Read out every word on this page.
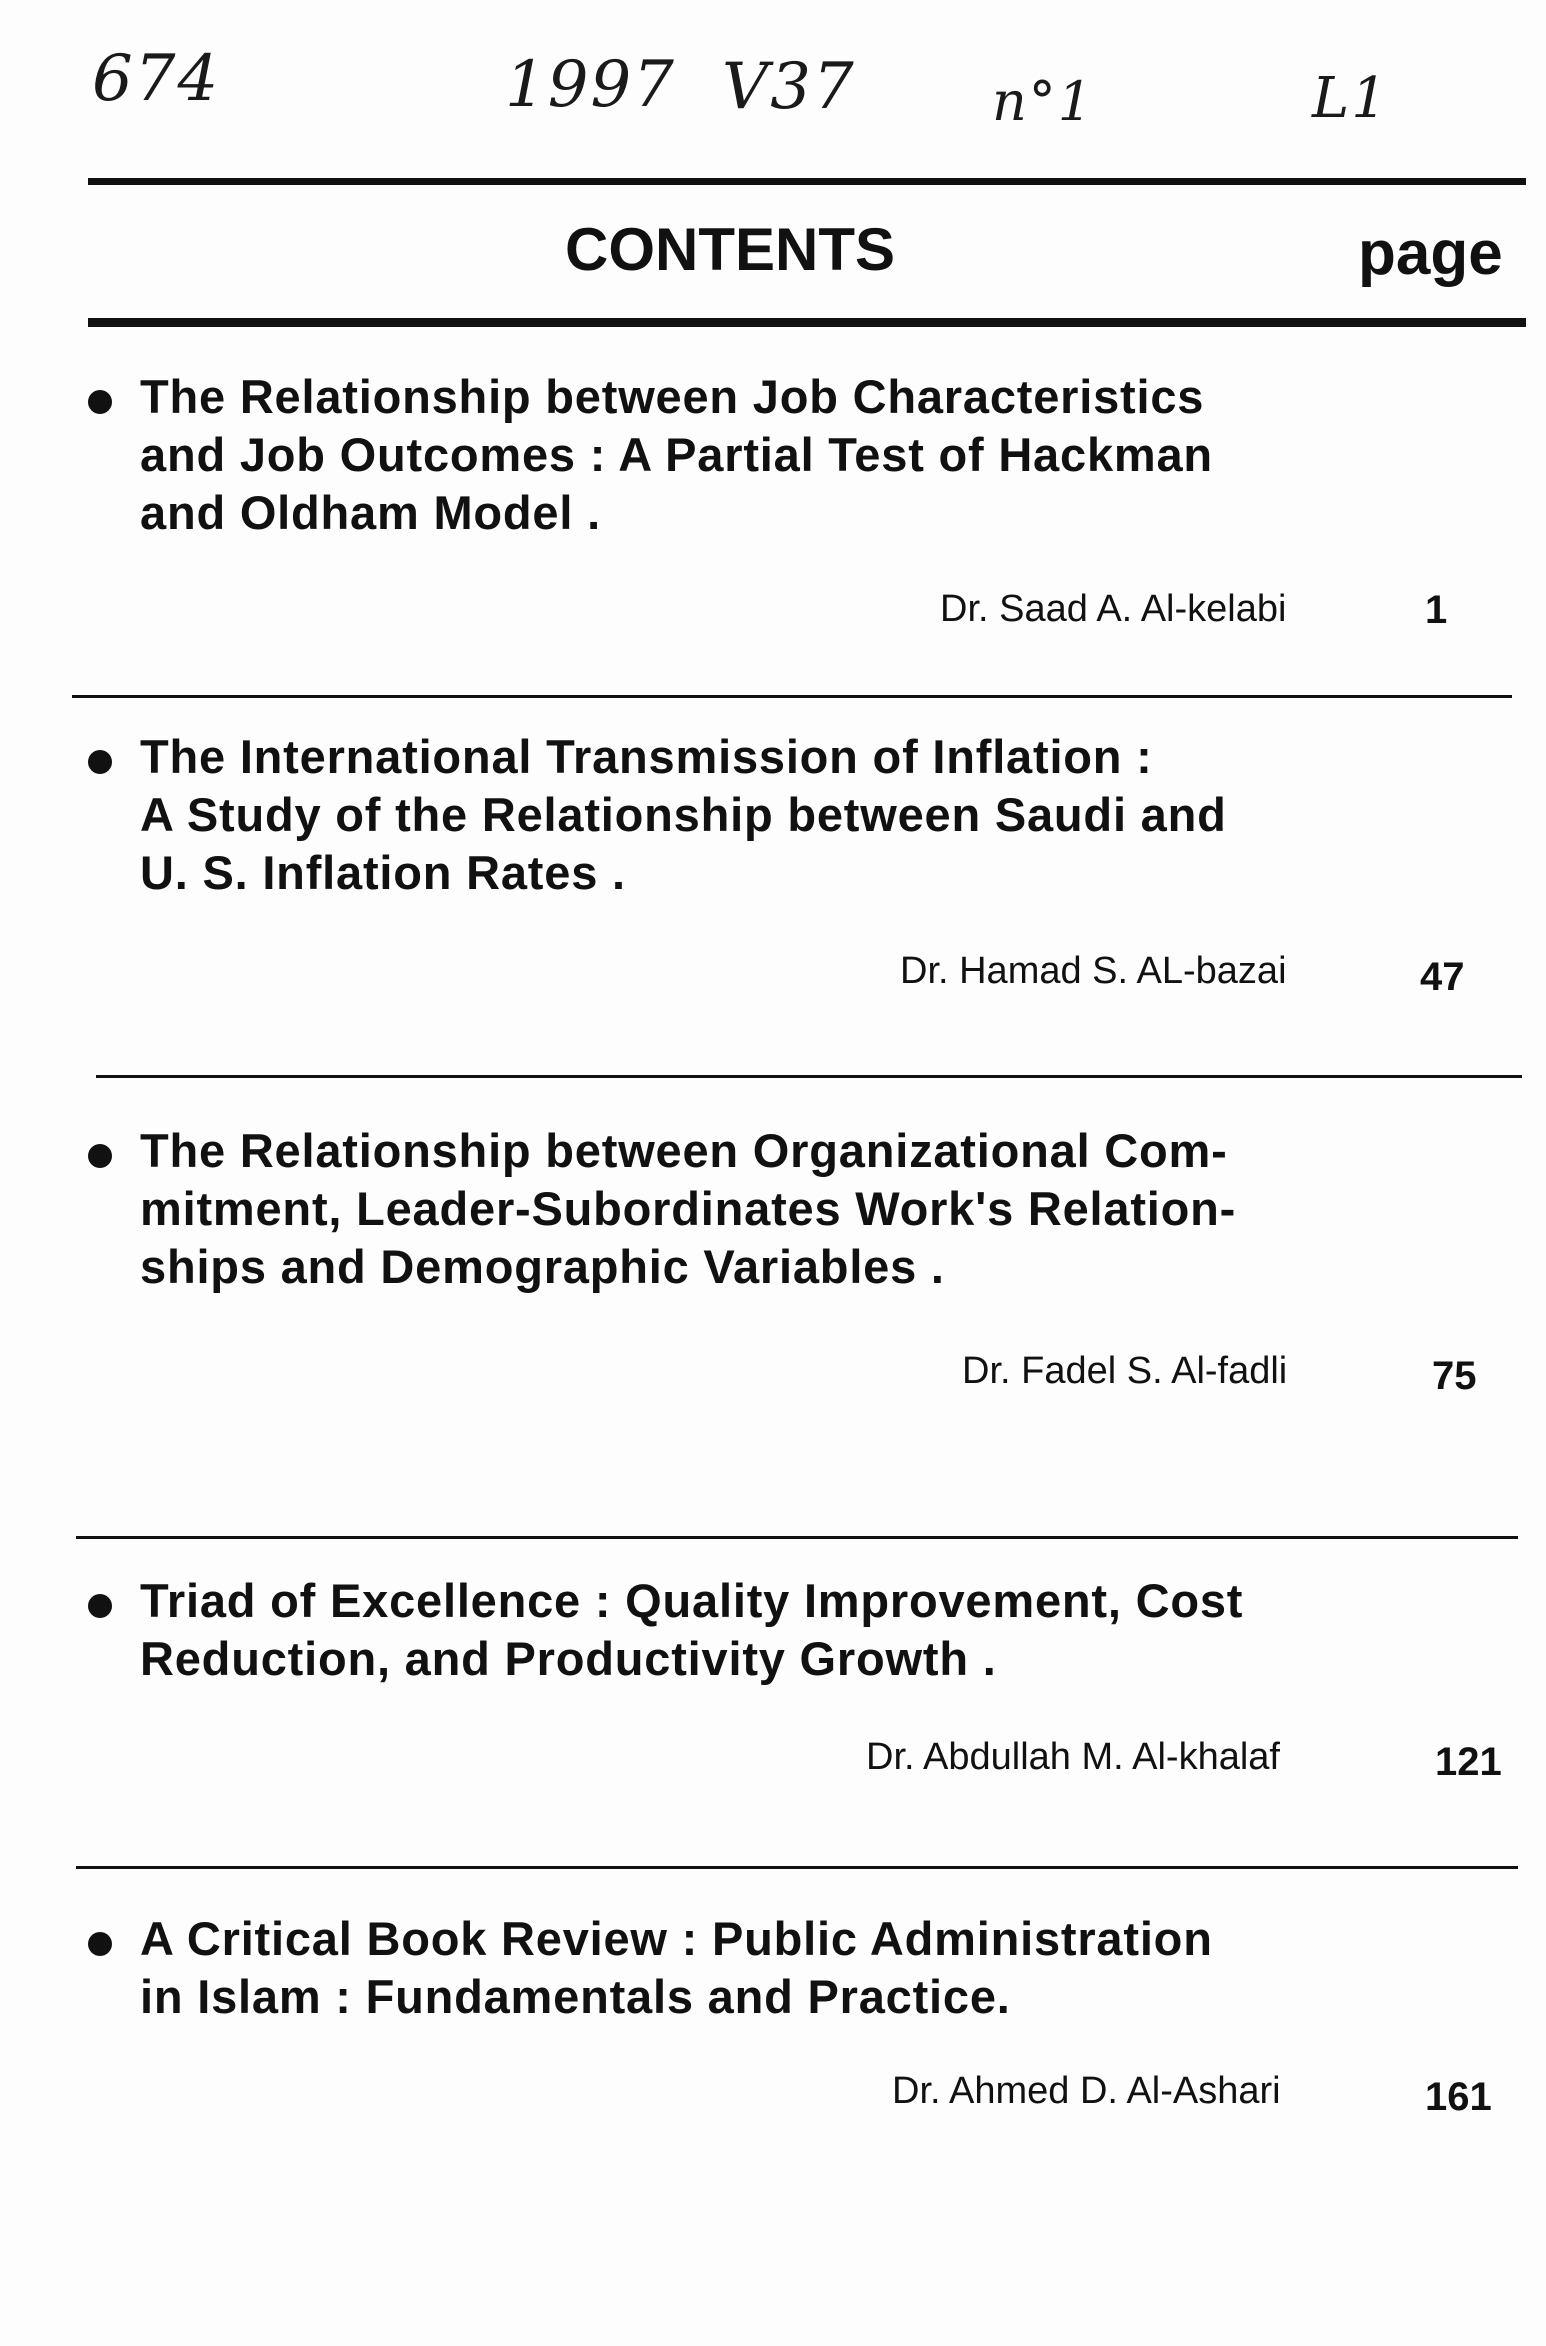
674	1997 V37	n°1	L1
CONTENTS	page

The Relationship between Job Characteristics
and Job Outcomes : A Partial Test of Hackman
and Oldham Model .

Dr. Saad A. Al-kelabi	1

The International Transmission of Inflation :
A Study of the Relationship between Saudi and
U. S. Inflation Rates .

Dr. Hamad S. AL-bazai	47

The Relationship between Organizational Com-
mitment, Leader-Subordinates Work's Relation-
ships and Demographic Variables .

Dr. Fadel S. Al-fadli	75

Triad of Excellence : Quality Improvement, Cost
Reduction, and Productivity Growth .

Dr. Abdullah M. Al-khalaf	121

A Critical Book Review : Public Administration
in Islam : Fundamentals and Practice.

Dr. Ahmed D. Al-Ashari	161
